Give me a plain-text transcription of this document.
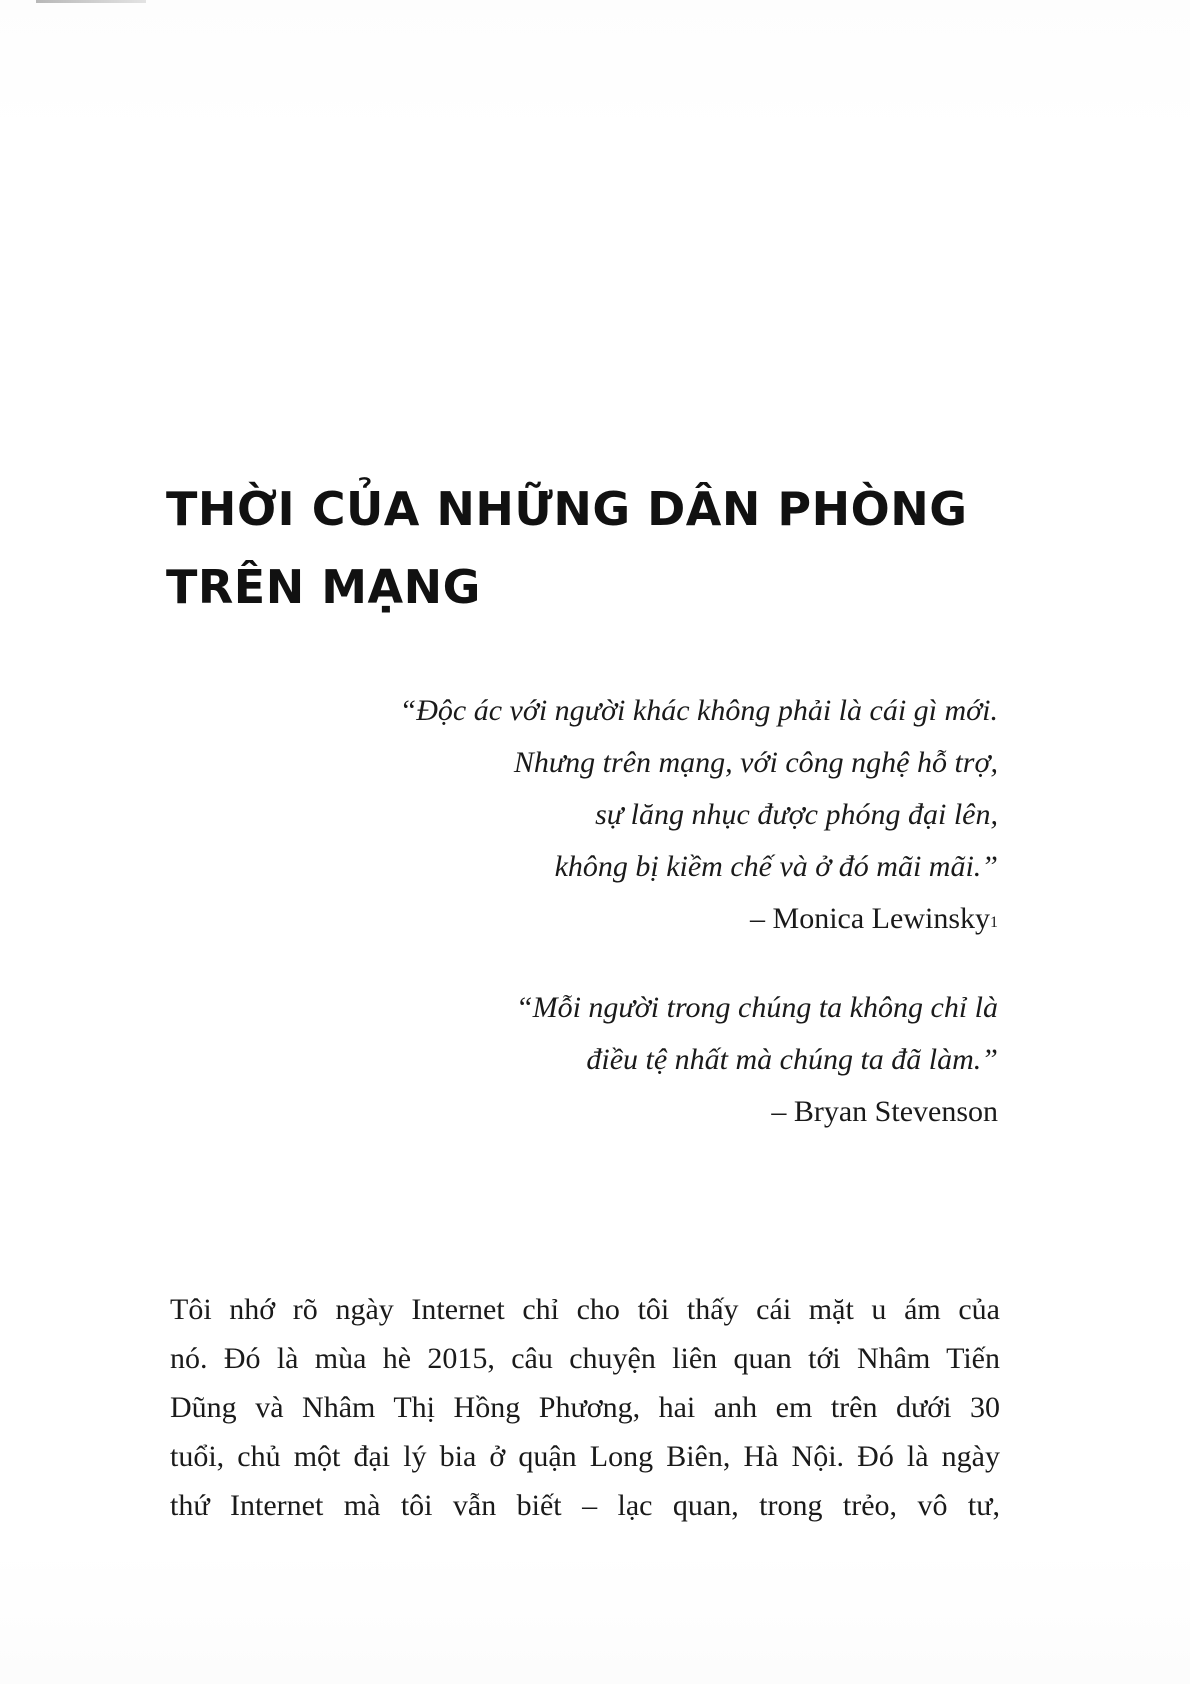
THỜI CỦA NHỮNG DÂN PHÒNG
TRÊN MẠNG
“Độc ác với người khác không phải là cái gì mới.
Nhưng trên mạng, với công nghệ hỗ trợ,
sự lăng nhục được phóng đại lên,
không bị kiềm chế và ở đó mãi mãi.”
– Monica Lewinsky$^1$
“Mỗi người trong chúng ta không chỉ là
điều tệ nhất mà chúng ta đã làm.”
– Bryan Stevenson
Tôi nhớ rõ ngày Internet chỉ cho tôi thấy cái mặt u ám của
nó. Đó là mùa hè 2015, câu chuyện liên quan tới Nhâm Tiến
Dũng và Nhâm Thị Hồng Phương, hai anh em trên dưới 30
tuổi, chủ một đại lý bia ở quận Long Biên, Hà Nội. Đó là ngày
thứ Internet mà tôi vẫn biết – lạc quan, trong trẻo, vô tư,
